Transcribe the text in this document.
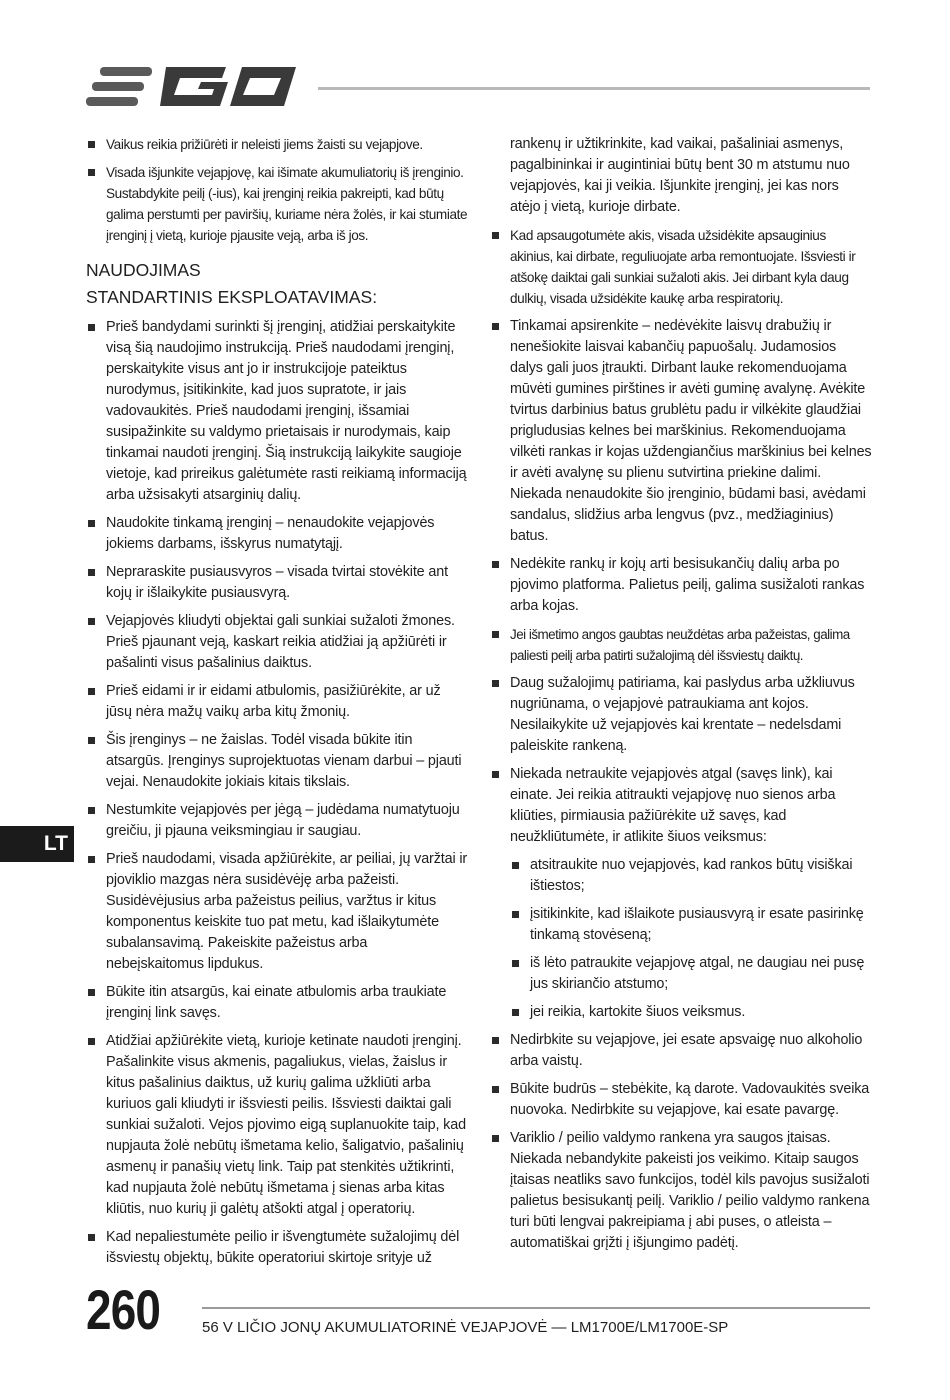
Vaikus reikia prižiūrėti ir neleisti jiems žaisti su vejapjove.
Visada išjunkite vejapjovę, kai išimate akumuliatorių iš įrenginio. Sustabdykite peilį (-ius), kai įrenginį reikia pakreipti, kad būtų galima perstumti per paviršių, kuriame nėra žolės, ir kai stumiate įrenginį į vietą, kurioje pjausite veją, arba iš jos.
NAUDOJIMAS
STANDARTINIS EKSPLOATAVIMAS:
Prieš bandydami surinkti šį įrenginį, atidžiai perskaitykite visą šią naudojimo instrukciją. Prieš naudodami įrenginį, perskaitykite visus ant jo ir instrukcijoje pateiktus nurodymus, įsitikinkite, kad juos supratote, ir jais vadovaukitės. Prieš naudodami įrenginį, išsamiai susipažinkite su valdymo prietaisais ir nurodymais, kaip tinkamai naudoti įrenginį. Šią instrukciją laikykite saugioje vietoje, kad prireikus galėtumėte rasti reikiamą informaciją arba užsisakyti atsarginių dalių.
Naudokite tinkamą įrenginį – nenaudokite vejapjovės jokiems darbams, išskyrus numatytąjį.
Nepraraskite pusiausvyros – visada tvirtai stovėkite ant kojų ir išlaikykite pusiausvyrą.
Vejapjovės kliudyti objektai gali sunkiai sužaloti žmones. Prieš pjaunant veją, kaskart reikia atidžiai ją apžiūrėti ir pašalinti visus pašalinius daiktus.
Prieš eidami ir ir eidami atbulomis, pasižiūrėkite, ar už jūsų nėra mažų vaikų arba kitų žmonių.
Šis įrenginys – ne žaislas. Todėl visada būkite itin atsargūs. Įrenginys suprojektuotas vienam darbui – pjauti vejai. Nenaudokite jokiais kitais tikslais.
Nestumkite vejapjovės per jėgą – judėdama numatytuoju greičiu, ji pjauna veiksmingiau ir saugiau.
Prieš naudodami, visada apžiūrėkite, ar peiliai, jų varžtai ir pjoviklio mazgas nėra susidėvėję arba pažeisti. Susidėvėjusius arba pažeistus peilius, varžtus ir kitus komponentus keiskite tuo pat metu, kad išlaikytumėte subalansavimą. Pakeiskite pažeistus arba nebeįskaitomus lipdukus.
Būkite itin atsargūs, kai einate atbulomis arba traukiate įrenginį link savęs.
Atidžiai apžiūrėkite vietą, kurioje ketinate naudoti įrenginį. Pašalinkite visus akmenis, pagaliukus, vielas, žaislus ir kitus pašalinius daiktus, už kurių galima užkliūti arba kuriuos gali kliudyti ir išsviesti peilis. Išsviesti daiktai gali sunkiai sužaloti. Vejos pjovimo eigą suplanuokite taip, kad nupjauta žolė nebūtų išmetama kelio, šaligatvio, pašalinių asmenų ir panašių vietų link. Taip pat stenkitės užtikrinti, kad nupjauta žolė nebūtų išmetama į sienas arba kitas kliūtis, nuo kurių ji galėtų atšokti atgal į operatorių.
Kad nepaliestumėte peilio ir išvengtumėte sužalojimų dėl išsviestų objektų, būkite operatoriui skirtoje srityje už
rankenų ir užtikrinkite, kad vaikai, pašaliniai asmenys, pagalbininkai ir augintiniai būtų bent 30 m atstumu nuo vejapjovės, kai ji veikia. Išjunkite įrenginį, jei kas nors atėjo į vietą, kurioje dirbate.
Kad apsaugotumėte akis, visada užsidėkite apsauginius akinius, kai dirbate, reguliuojate arba remontuojate. Išsviesti ir atšokę daiktai gali sunkiai sužaloti akis. Jei dirbant kyla daug dulkių, visada užsidėkite kaukę arba respiratorių.
Tinkamai apsirenkite – nedėvėkite laisvų drabužių ir nenešiokite laisvai kabančių papuošalų. Judamosios dalys gali juos įtraukti. Dirbant lauke rekomenduojama mūvėti gumines pirštines ir avėti guminę avalynę. Avėkite tvirtus darbinius batus grublėtu padu ir vilkėkite glaudžiai prigludusias kelnes bei marškinius. Rekomenduojama vilkėti rankas ir kojas uždengiančius marškinius bei kelnes ir avėti avalynę su plienu sutvirtina priekine dalimi. Niekada nenaudokite šio įrenginio, būdami basi, avėdami sandalus, slidžius arba lengvus (pvz., medžiaginius) batus.
Nedėkite rankų ir kojų arti besisukančių dalių arba po pjovimo platforma. Palietus peilį, galima susižaloti rankas arba kojas.
Jei išmetimo angos gaubtas neuždėtas arba pažeistas, galima paliesti peilį arba patirti sužalojimą dėl išsviestų daiktų.
Daug sužalojimų patiriama, kai paslydus arba užkliuvus nugriūnama, o vejapjovė patraukiama ant kojos. Nesilaikykite už vejapjovės kai krentate – nedelsdami paleiskite rankeną.
Niekada netraukite vejapjovės atgal (savęs link), kai einate. Jei reikia atitraukti vejapjovę nuo sienos arba kliūties, pirmiausia pažiūrėkite už savęs, kad neužkliūtumėte, ir atlikite šiuos veiksmus:
atsitraukite nuo vejapjovės, kad rankos būtų visiškai ištiestos;
įsitikinkite, kad išlaikote pusiausvyrą ir esate pasirinkę tinkamą stovėseną;
iš lėto patraukite vejapjovę atgal, ne daugiau nei pusę jus skiriančio atstumo;
jei reikia, kartokite šiuos veiksmus.
Nedirbkite su vejapjove, jei esate apsvaigę nuo alkoholio arba vaistų.
Būkite budrūs – stebėkite, ką darote. Vadovaukitės sveika nuovoka. Nedirbkite su vejapjove, kai esate pavargę.
Variklio / peilio valdymo rankena yra saugos įtaisas. Niekada nebandykite pakeisti jos veikimo. Kitaip saugos įtaisas neatliks savo funkcijos, todėl kils pavojus susižaloti palietus besisukantį peilį. Variklio / peilio valdymo rankena turi būti lengvai pakreipiama į abi puses, o atleista – automatiškai grįžti į išjungimo padėtį.
LT
260	56 V LIČIO JONŲ AKUMULIATORINĖ VEJAPJOVĖ — LM1700E/LM1700E-SP
